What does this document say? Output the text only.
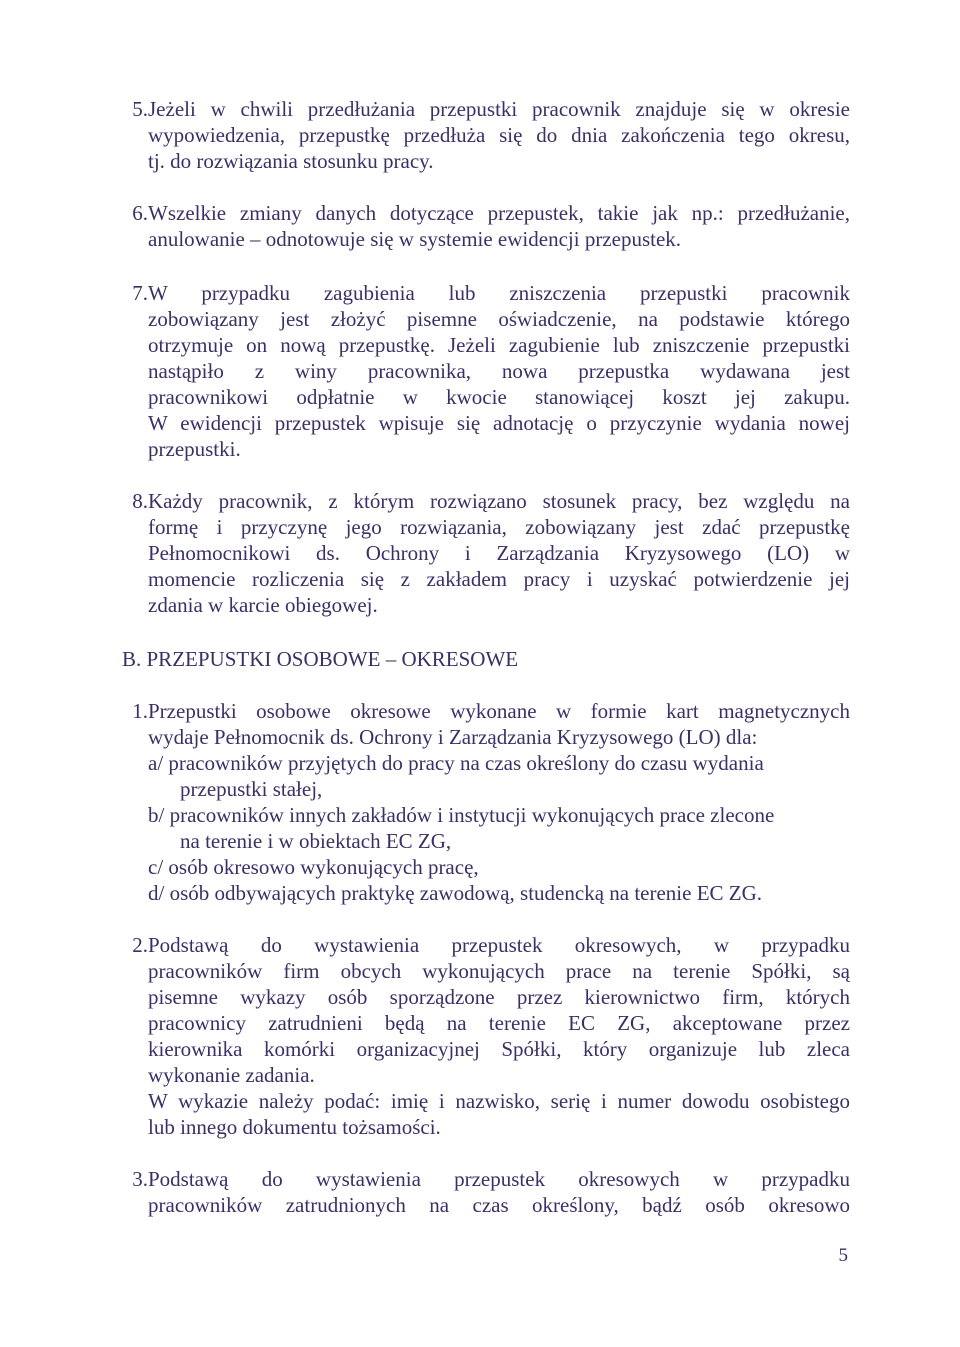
5. Jeżeli w chwili przedłużania przepustki pracownik znajduje się w okresie
wypowiedzenia, przepustkę przedłuża się do dnia zakończenia tego okresu,
tj. do rozwiązania stosunku pracy.
6. Wszelkie zmiany danych dotyczące przepustek, takie jak np.: przedłużanie,
anulowanie – odnotowuje się w systemie ewidencji przepustek.
7. W przypadku zagubienia lub zniszczenia przepustki pracownik
zobowiązany jest złożyć pisemne oświadczenie, na podstawie którego
otrzymuje on nową przepustkę. Jeżeli zagubienie lub zniszczenie przepustki
nastąpiło z winy pracownika, nowa przepustka wydawana jest
pracownikowi odpłatnie w kwocie stanowiącej koszt jej zakupu.
W ewidencji przepustek wpisuje się adnotację o przyczynie wydania nowej
przepustki.
8. Każdy pracownik, z którym rozwiązano stosunek pracy, bez względu na
formę i przyczynę jego rozwiązania, zobowiązany jest zdać przepustkę
Pełnomocnikowi ds. Ochrony i Zarządzania Kryzysowego (LO) w
momencie rozliczenia się z zakładem pracy i uzyskać potwierdzenie jej
zdania w karcie obiegowej.
B. PRZEPUSTKI OSOBOWE – OKRESOWE
1. Przepustki osobowe okresowe wykonane w formie kart magnetycznych
wydaje Pełnomocnik ds. Ochrony i Zarządzania Kryzysowego (LO) dla:
a/ pracowników przyjętych do pracy na czas określony do czasu wydania
przepustki stałej,
b/ pracowników innych zakładów i instytucji wykonujących prace zlecone
na terenie i w obiektach EC ZG,
c/ osób okresowo wykonujących pracę,
d/ osób odbywających praktykę zawodową, studencką na terenie EC ZG.
2. Podstawą do wystawienia przepustek okresowych, w przypadku
pracowników firm obcych wykonujących prace na terenie Spółki, są
pisemne wykazy osób sporządzone przez kierownictwo firm, których
pracownicy zatrudnieni będą na terenie EC ZG, akceptowane przez
kierownika komórki organizacyjnej Spółki, który organizuje lub zleca
wykonanie zadania.
W wykazie należy podać: imię i nazwisko, serię i numer dowodu osobistego
lub innego dokumentu tożsamości.
3. Podstawą do wystawienia przepustek okresowych w przypadku
pracowników zatrudnionych na czas określony, bądź osób okresowo
5
